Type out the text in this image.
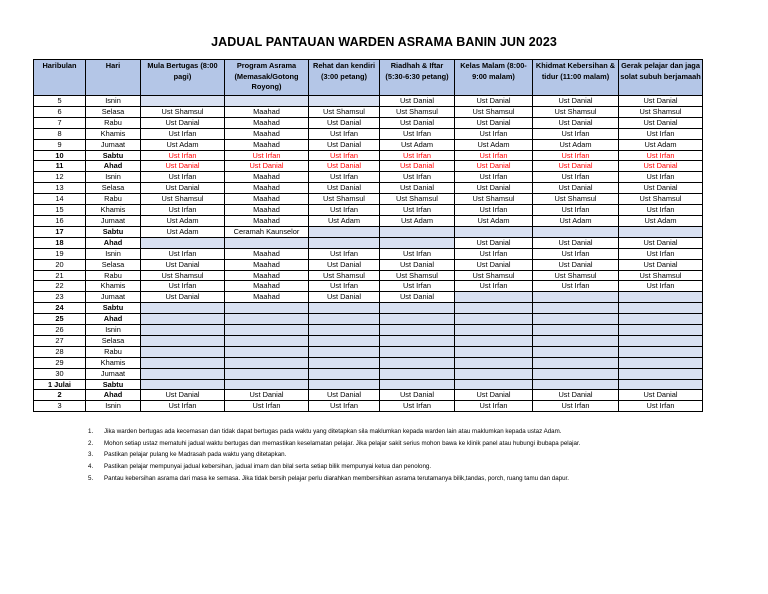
JADUAL PANTAUAN WARDEN ASRAMA BANIN JUN 2023
Haribulan	Hari	Mula Bertugas (8:00 pagi)	Program Asrama (Memasak/Gotong Royong)	Rehat dan kendiri (3:00 petang)	Riadhah & Iftar (5:30-6:30 petang)	Kelas Malam (8:00-9:00 malam)	Khidmat Kebersihan & tidur (11:00 malam)	Gerak pelajar dan jaga solat subuh berjamaah
5	Isnin				Ust Danial	Ust Danial	Ust Danial	Ust Danial
6	Selasa	Ust Shamsul	Maahad	Ust Shamsul	Ust Shamsul	Ust Shamsul	Ust Shamsul	Ust Shamsul
7	Rabu	Ust Danial	Maahad	Ust Danial	Ust Danial	Ust Danial	Ust Danial	Ust Danial
8	Khamis	Ust Irfan	Maahad	Ust Irfan	Ust Irfan	Ust Irfan	Ust Irfan	Ust Irfan
9	Jumaat	Ust Adam	Maahad	Ust Danial	Ust Adam	Ust Adam	Ust Adam	Ust Adam
10	Sabtu	Ust Irfan	Ust Irfan	Ust Irfan	Ust Irfan	Ust Irfan	Ust Irfan	Ust Irfan
11	Ahad	Ust Danial	Ust Danial	Ust Danial	Ust Danial	Ust Danial	Ust Danial	Ust Danial
12	Isnin	Ust Irfan	Maahad	Ust Irfan	Ust Irfan	Ust Irfan	Ust Irfan	Ust Irfan
13	Selasa	Ust Danial	Maahad	Ust Danial	Ust Danial	Ust Danial	Ust Danial	Ust Danial
14	Rabu	Ust Shamsul	Maahad	Ust Shamsul	Ust Shamsul	Ust Shamsul	Ust Shamsul	Ust Shamsul
15	Khamis	Ust Irfan	Maahad	Ust Irfan	Ust Irfan	Ust Irfan	Ust Irfan	Ust Irfan
16	Jumaat	Ust Adam	Maahad	Ust Adam	Ust Adam	Ust Adam	Ust Adam	Ust Adam
17	Sabtu	Ust Adam	Ceramah Kaunselor					
18	Ahad					Ust Danial	Ust Danial	Ust Danial
19	Isnin	Ust Irfan	Maahad	Ust Irfan	Ust Irfan	Ust Irfan	Ust Irfan	Ust Irfan
20	Selasa	Ust Danial	Maahad	Ust Danial	Ust Danial	Ust Danial	Ust Danial	Ust Danial
21	Rabu	Ust Shamsul	Maahad	Ust Shamsul	Ust Shamsul	Ust Shamsul	Ust Shamsul	Ust Shamsul
22	Khamis	Ust Irfan	Maahad	Ust Irfan	Ust Irfan	Ust Irfan	Ust Irfan	Ust Irfan
23	Jumaat	Ust Danial	Maahad	Ust Danial	Ust Danial			
24	Sabtu							
25	Ahad							
26	Isnin							
27	Selasa							
28	Rabu							
29	Khamis							
30	Jumaat							
1 Julai	Sabtu							
2	Ahad	Ust Danial	Ust Danial	Ust Danial	Ust Danial	Ust Danial	Ust Danial	Ust Danial
3	Isnin	Ust Irfan	Ust Irfan	Ust Irfan	Ust Irfan	Ust Irfan	Ust Irfan	Ust Irfan
1. Jika warden bertugas ada kecemasan dan tidak dapat bertugas pada waktu yang ditetapkan sila maklumkan kepada warden lain atau maklumkan kepada ustaz Adam.
2. Mohon setiap ustaz mematuhi jadual waktu bertugas dan memastikan keselamatan pelajar. Jika pelajar sakit serius mohon bawa ke klinik panel atau hubungi ibubapa pelajar.
3. Pastikan pelajar pulang ke Madrasah pada waktu yang ditetapkan.
4. Pastikan pelajar mempunyai jadual kebersihan, jadual imam dan bilal serta setiap bilik mempunyai ketua dan penolong.
5. Pantau kebersihan asrama dari masa ke semasa. Jika tidak bersih pelajar perlu diarahkan membersihkan asrama terutamanya bilik,tandas, porch, ruang tamu dan dapur.
